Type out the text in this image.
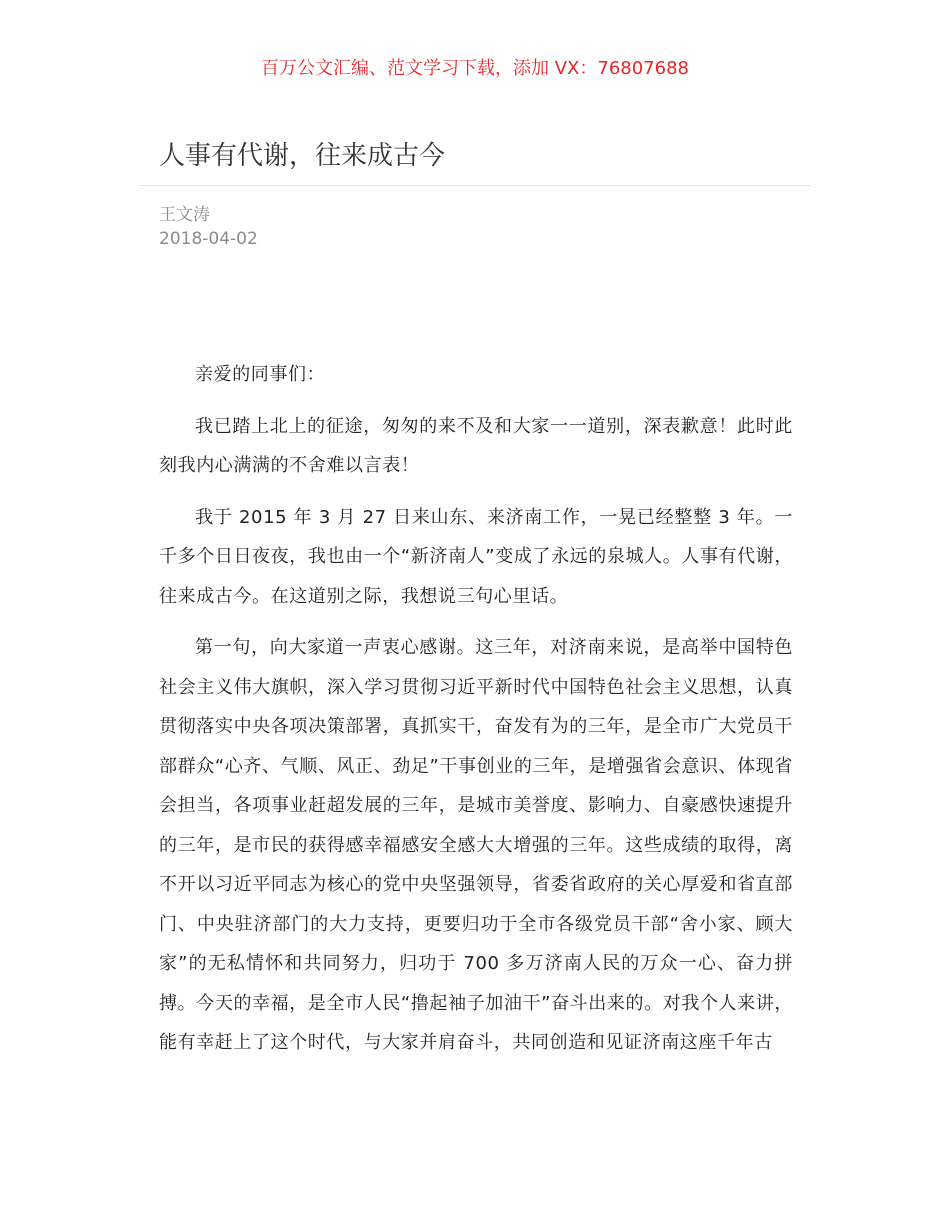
百万公文汇编、范文学习下载，添加 VX：76807688
人事有代谢，往来成古今
王文涛
2018-04-02

亲爱的同事们：

我已踏上北上的征途，匆匆的来不及和大家一一道别，深表歉意！此时此刻我内心满满的不舍难以言表！

我于 2015 年 3 月 27 日来山东、来济南工作，一晃已经整整 3 年。一千多个日日夜夜，我也由一个“新济南人”变成了永远的泉城人。人事有代谢，往来成古今。在这道别之际，我想说三句心里话。

第一句，向大家道一声衷心感谢。这三年，对济南来说，是高举中国特色社会主义伟大旗帜，深入学习贯彻习近平新时代中国特色社会主义思想，认真贯彻落实中央各项决策部署，真抓实干，奋发有为的三年，是全市广大党员干部群众“心齐、气顺、风正、劲足”干事创业的三年，是增强省会意识、体现省会担当，各项事业赶超发展的三年，是城市美誉度、影响力、自豪感快速提升的三年，是市民的获得感幸福感安全感大大增强的三年。这些成绩的取得，离不开以习近平同志为核心的党中央坚强领导，省委省政府的关心厚爱和省直部门、中央驻济部门的大力支持，更要归功于全市各级党员干部“舍小家、顾大家”的无私情怀和共同努力，归功于 700 多万济南人民的万众一心、奋力拼搏。今天的幸福，是全市人民“撸起袖子加油干”奋斗出来的。对我个人来讲，能有幸赶上了这个时代，与大家并肩奋斗，共同创造和见证济南这座千年古
